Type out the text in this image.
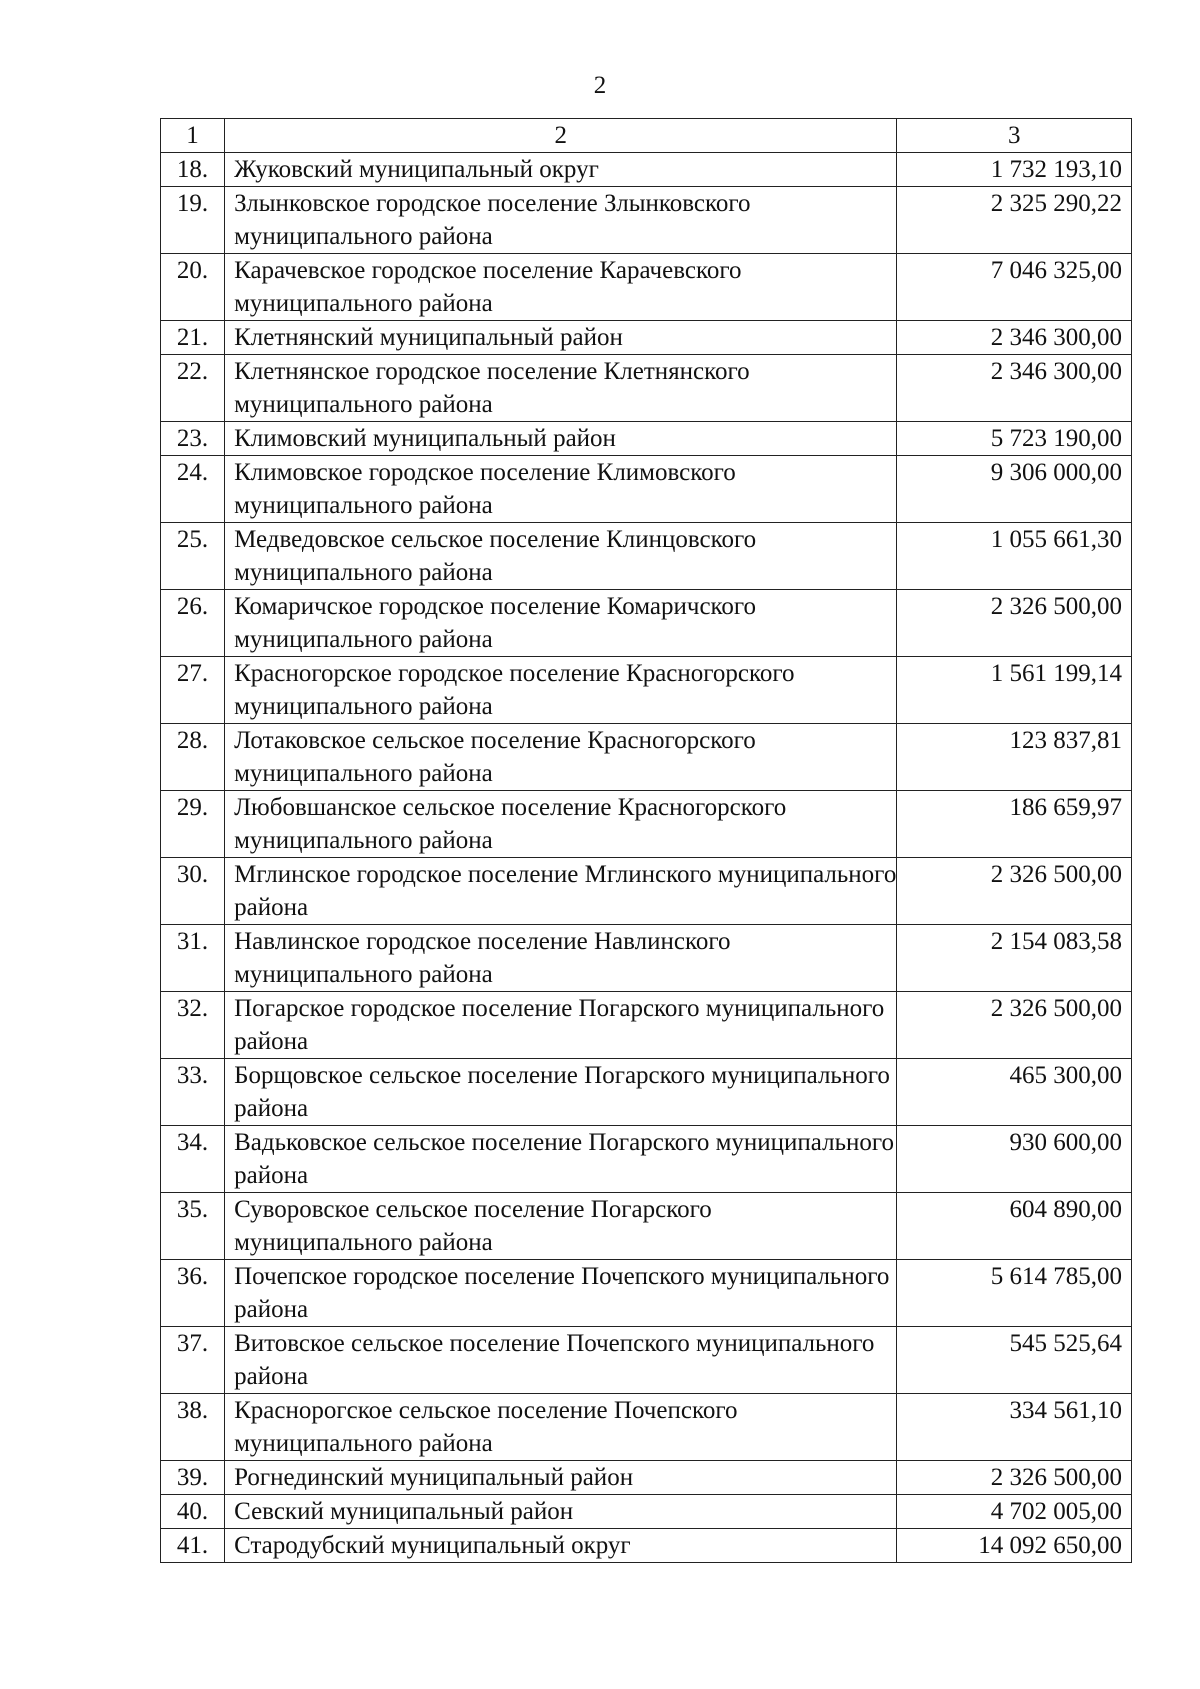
2
1	2	3
18.	Жуковский муниципальный округ	1 732 193,10
19.	Злынковское городское поселение Злынковского муниципального района	2 325 290,22
20.	Карачевское городское поселение Карачевского муниципального района	7 046 325,00
21.	Клетнянский муниципальный район	2 346 300,00
22.	Клетнянское городское поселение Клетнянского муниципального района	2 346 300,00
23.	Климовский муниципальный район	5 723 190,00
24.	Климовское городское поселение Климовского муниципального района	9 306 000,00
25.	Медведовское сельское поселение Клинцовского муниципального района	1 055 661,30
26.	Комаричское городское поселение Комаричского муниципального района	2 326 500,00
27.	Красногорское городское поселение Красногорского муниципального района	1 561 199,14
28.	Лотаковское сельское поселение Красногорского муниципального района	123 837,81
29.	Любовшанское сельское поселение Красногорского муниципального района	186 659,97
30.	Мглинское городское поселение Мглинского муниципального района	2 326 500,00
31.	Навлинское городское поселение Навлинского муниципального района	2 154 083,58
32.	Погарское городское поселение Погарского муниципального района	2 326 500,00
33.	Борщовское сельское поселение Погарского муниципального района	465 300,00
34.	Вадьковское сельское поселение Погарского муниципального района	930 600,00
35.	Суворовское сельское поселение Погарского муниципального района	604 890,00
36.	Почепское городское поселение Почепского муниципального района	5 614 785,00
37.	Витовское сельское поселение Почепского муниципального района	545 525,64
38.	Краснорогское сельское поселение Почепского муниципального района	334 561,10
39.	Рогнединский муниципальный район	2 326 500,00
40.	Севский муниципальный район	4 702 005,00
41.	Стародубский муниципальный округ	14 092 650,00
